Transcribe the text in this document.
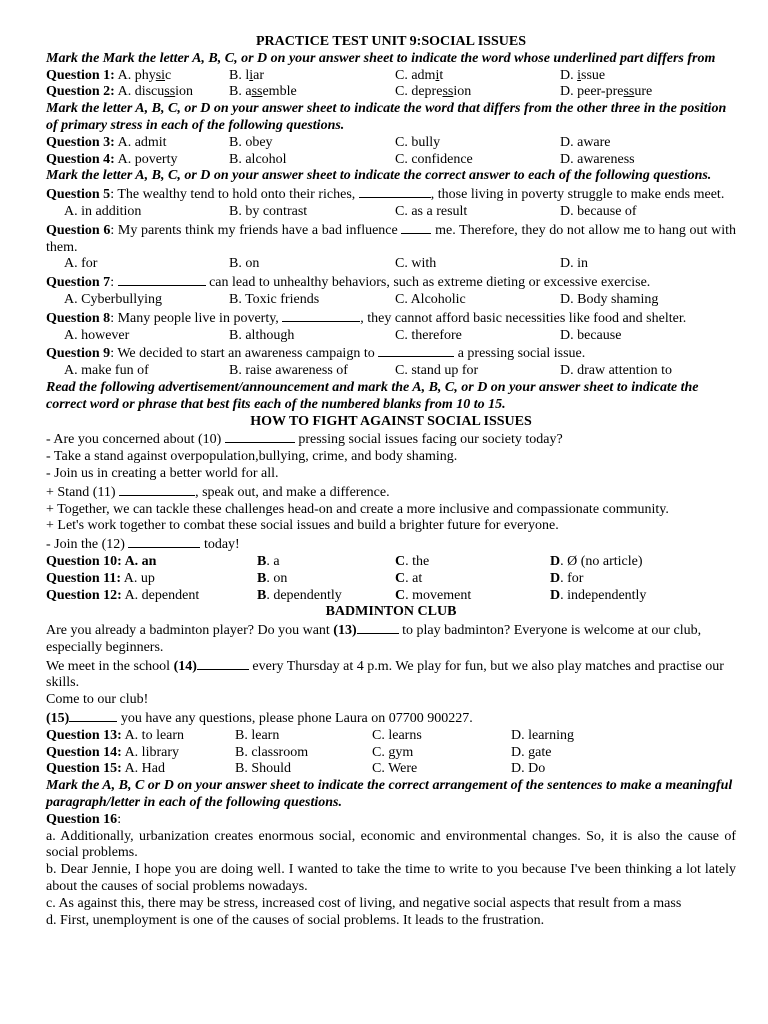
PRACTICE TEST UNIT 9:SOCIAL ISSUES
Mark the Mark the letter A, B, C, or D on your answer sheet to indicate the word whose underlined part differs from
Question 1: A. physic	B. liar	C. admit	D. issue
Question 2: A. discussion	B. assemble	C. depression	D. peer-pressure
Mark the letter A, B, C, or D on your answer sheet to indicate the word that differs from the other three in the position of primary stress in each of the following questions.
Question 3: A. admit	B. obey	C. bully	D. aware
Question 4: A. poverty	B. alcohol	C. confidence	D. awareness
Mark the letter A, B, C, or D on your answer sheet to indicate the correct answer to each of the following questions.
Question 5: The wealthy tend to hold onto their riches,	, those living in poverty struggle to make ends meet.
A. in addition	B. by contrast	C. as a result	D. because of
Question 6: My parents think my friends have a bad influence  me. Therefore, they do not allow me to hang out with them.
A. for	B. on	C. with	D. in
Question 7:	can lead to unhealthy behaviors, such as extreme dieting or excessive exercise.
A. Cyberbullying	B. Toxic friends	C. Alcoholic	D. Body shaming
Question 8: Many people live in poverty,	, they cannot afford basic necessities like food and shelter.
A. however	B. although	C. therefore	D. because
Question 9: We decided to start an awareness campaign to	a pressing social issue.
A. make fun of	B. raise awareness of	C. stand up for	D. draw attention to
Read the following advertisement/announcement and mark the A, B, C, or D on your answer sheet to indicate the correct word or phrase that best fits each of the numbered blanks from 10 to 15.
HOW TO FIGHT AGAINST SOCIAL ISSUES
- Are you concerned about (10)	pressing social issues facing our society today?
- Take a stand against overpopulation,bullying, crime, and body shaming.
- Join us in creating a better world for all.
+ Stand (11)	, speak out, and make a difference.
+ Together, we can tackle these challenges head-on and create a more inclusive and compassionate community.
+ Let's work together to combat these social issues and build a brighter future for everyone.
- Join the (12)	today!
Question 10: A. an	B. a	C. the	D. Ø (no article)
Question 11: A. up	B. on	C. at	D. for
Question 12: A. dependent	B. dependently	C. movement	D. independently
BADMINTON CLUB
Are you already a badminton player? Do you want (13)	to play badminton? Everyone is welcome at our club, especially beginners.
We meet in the school (14)	every Thursday at 4 p.m. We play for fun, but we also play matches and practise our skills.
Come to our club!
(15)	you have any questions, please phone Laura on 07700 900227.
Question 13: A. to learn	B. learn	C. learns	D. learning
Question 14: A. library	B. classroom	C. gym	D. gate
Question 15: A. Had	B. Should	C. Were	D. Do
Mark the A, B, C or D on your answer sheet to indicate the correct arrangement of the sentences to make a meaningful paragraph/letter in each of the following questions.
Question 16:
a. Additionally, urbanization creates enormous social, economic and environmental changes. So, it is also the cause of social problems.
b. Dear Jennie, I hope you are doing well. I wanted to take the time to write to you because I've been thinking a lot lately about the causes of social problems nowadays.
c. As against this, there may be stress, increased cost of living, and negative social aspects that result from a mass
d. First, unemployment is one of the causes of social problems. It leads to the frustration.
